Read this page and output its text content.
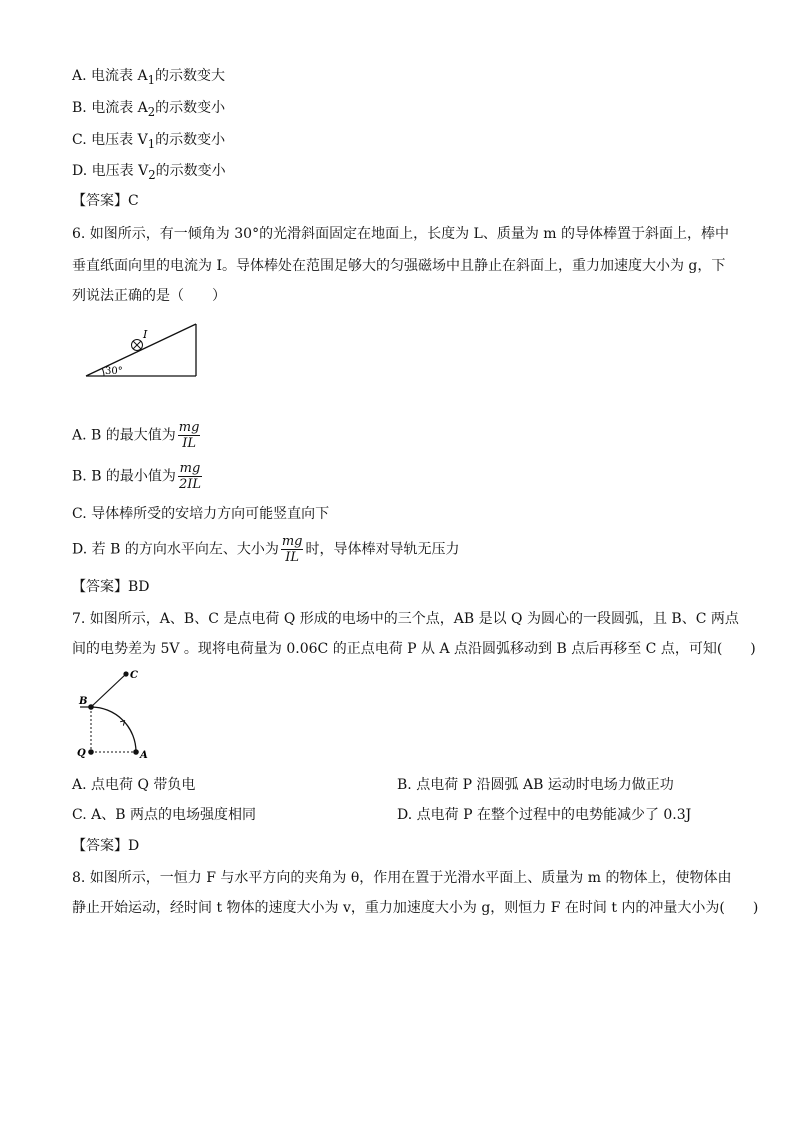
A. 电流表 $A_1$的示数变大
B. 电流表 $A_2$的示数变小
C. 电压表 $V_1$的示数变小
D. 电压表 $V_2$的示数变小
【答案】C
6. 如图所示，有一倾角为 30°的光滑斜面固定在地面上，长度为 L、质量为 m 的导体棒置于斜面上，棒中
垂直纸面向里的电流为 I。导体棒处在范围足够大的匀强磁场中且静止在斜面上，重力加速度大小为 g，下
列说法正确的是（　　）
I
30°
A. B 的最大值为 $\frac{mg}{IL}$
B. B 的最小值为 $\frac{mg}{2IL}$
C. 导体棒所受的安培力方向可能竖直向下
D. 若 B 的方向水平向左、大小为 $\frac{mg}{IL}$ 时，导体棒对导轨无压力
【答案】BD
7. 如图所示，A、B、C 是点电荷 Q 形成的电场中的三个点，AB 是以 Q 为圆心的一段圆弧，且 B、C 两点
间的电势差为 5V 。现将电荷量为 0.06C 的正点电荷 P 从 A 点沿圆弧移动到 B 点后再移至 C 点，可知(　　)
C
B
Q	A
A. 点电荷 Q 带负电	B. 点电荷 P 沿圆弧 AB 运动时电场力做正功
C. A、B 两点的电场强度相同	D. 点电荷 P 在整个过程中的电势能减少了 0.3J
【答案】D
8. 如图所示，一恒力 F 与水平方向的夹角为 θ，作用在置于光滑水平面上、质量为 m 的物体上，使物体由
静止开始运动，经时间 t 物体的速度大小为 v，重力加速度大小为 g，则恒力 F 在时间 t 内的冲量大小为(　　)
